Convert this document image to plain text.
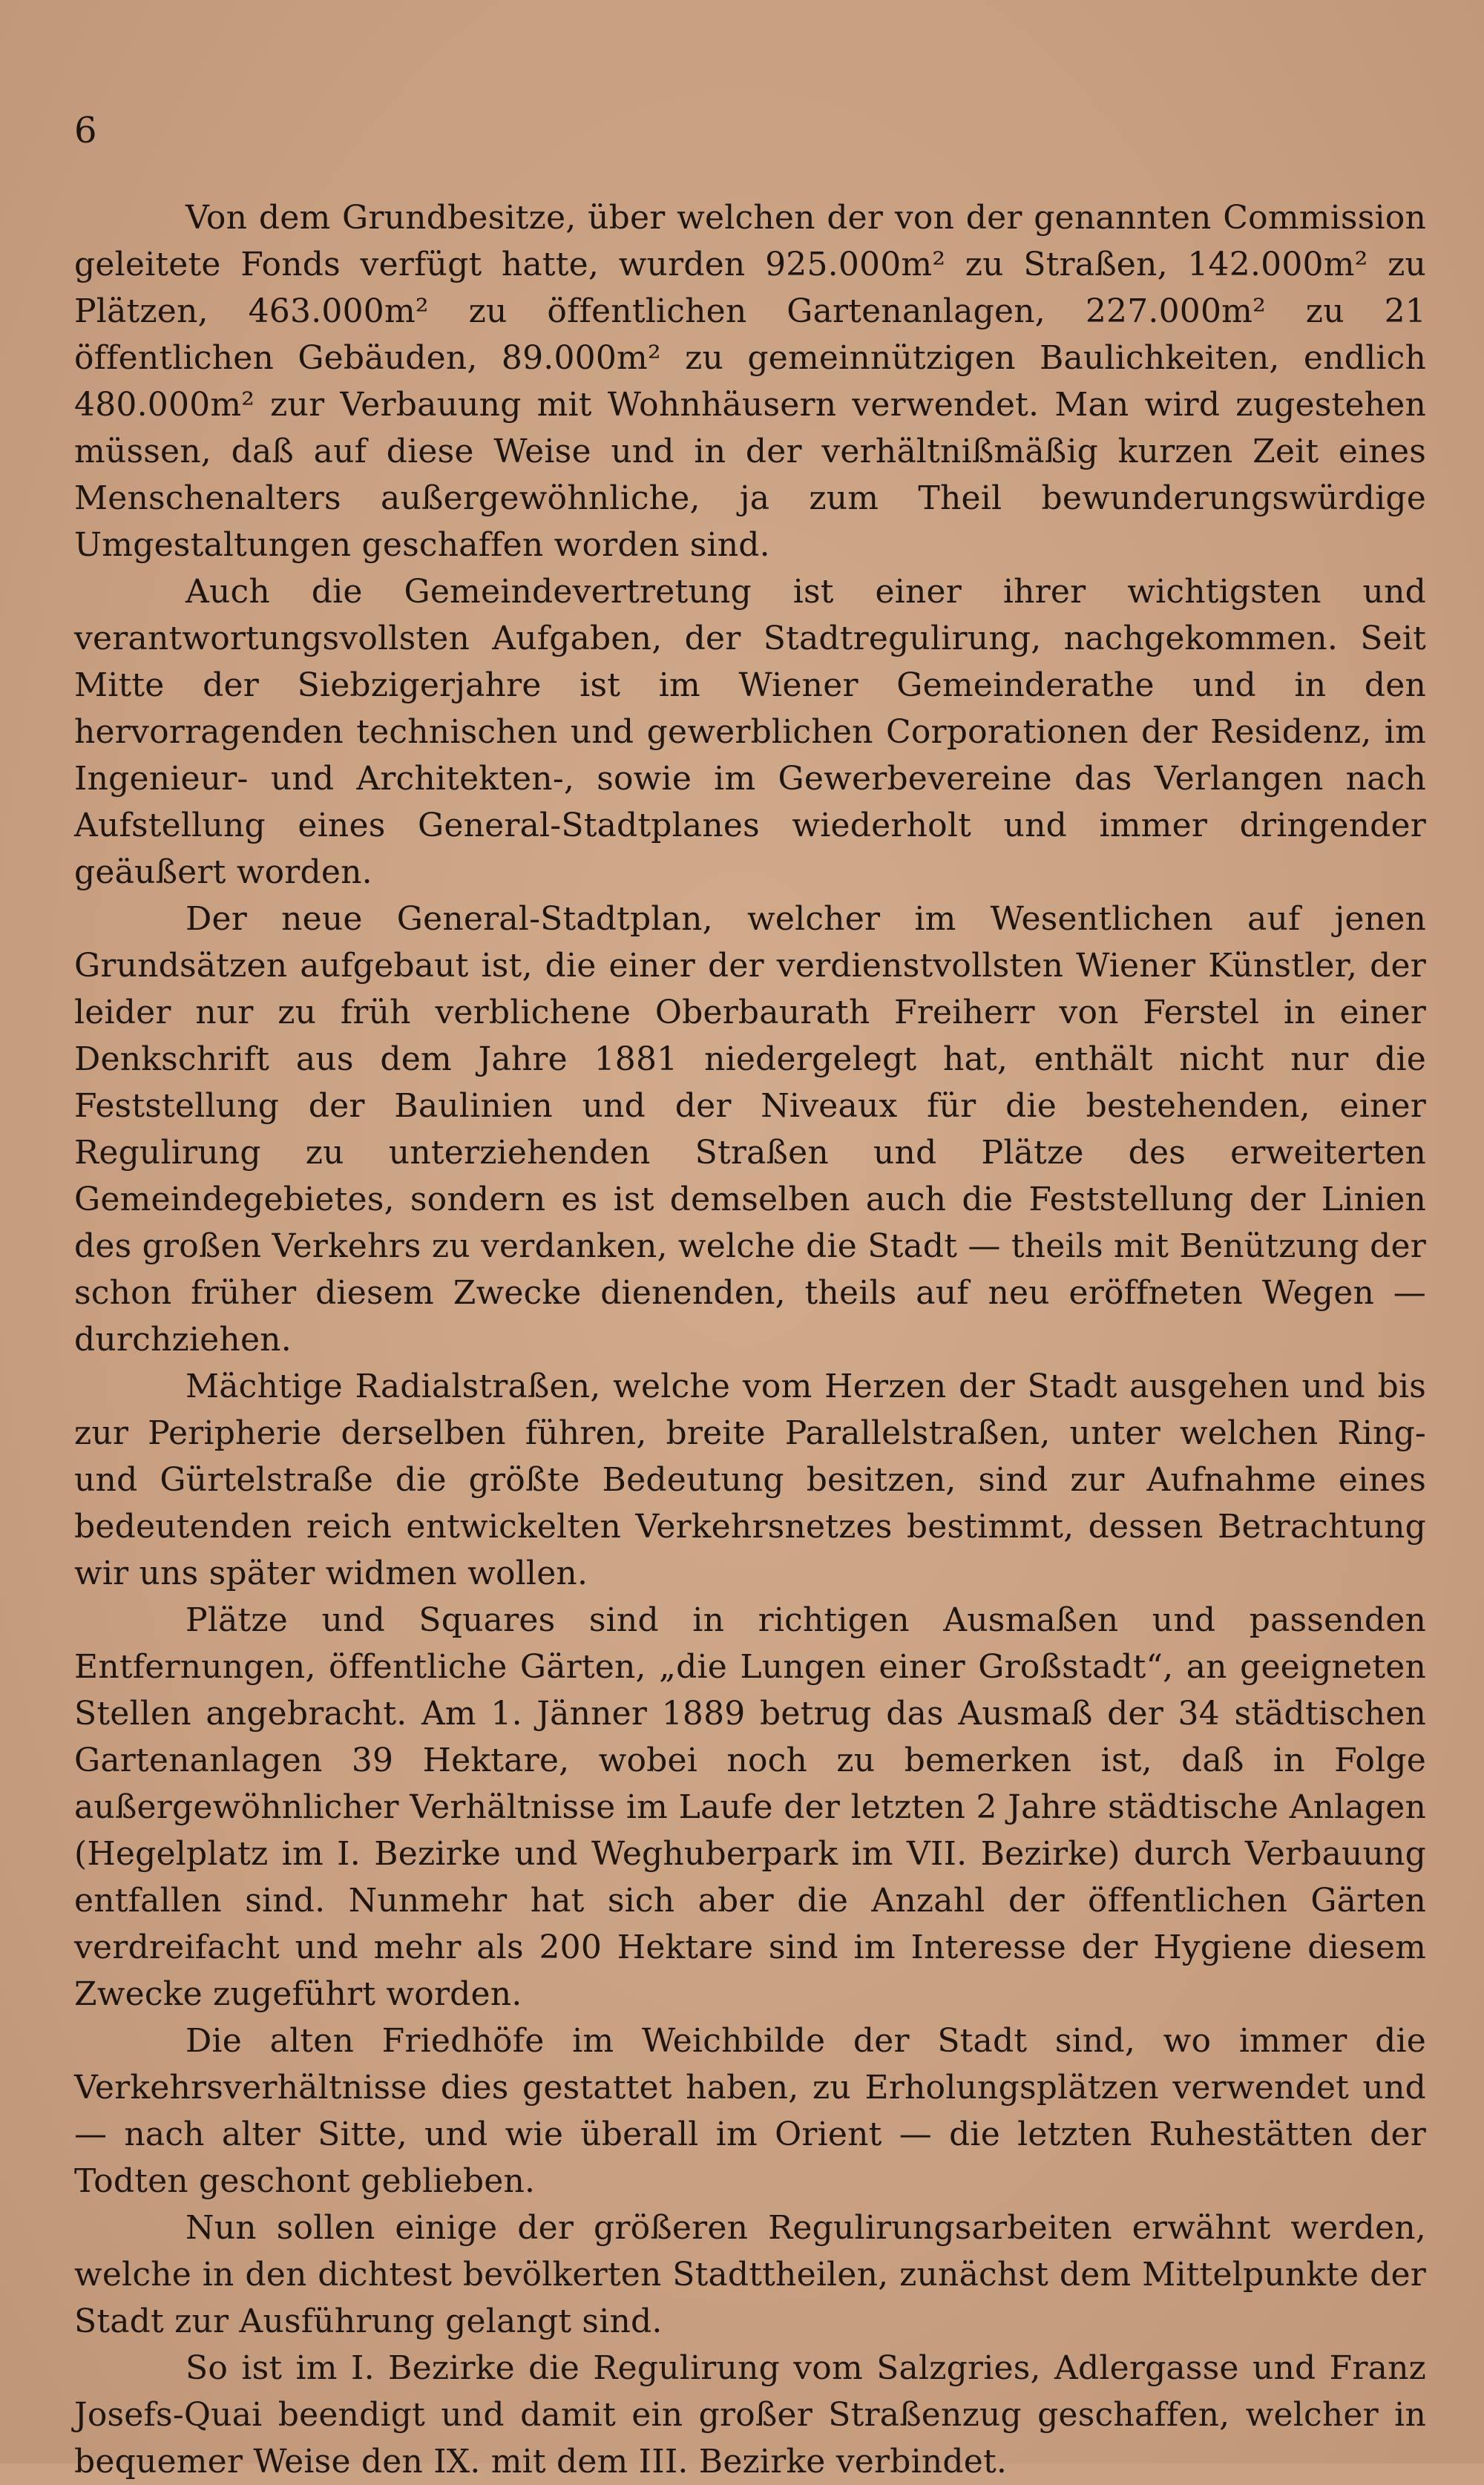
6

Von dem Grundbesitze, über welchen der von der genannten Commission geleitete Fonds verfügt hatte, wurden 925.000m² zu Straßen, 142.000m² zu Plätzen, 463.000m² zu öffentlichen Gartenanlagen, 227.000m² zu 21 öffentlichen Gebäuden, 89.000m² zu gemeinnützigen Baulichkeiten, endlich 480.000m² zur Verbauung mit Wohnhäusern verwendet. Man wird zugestehen müssen, daß auf diese Weise und in der verhältnißmäßig kurzen Zeit eines Menschenalters außergewöhnliche, ja zum Theil bewunderungswürdige Umgestaltungen geschaffen worden sind.

Auch die Gemeindevertretung ist einer ihrer wichtigsten und verantwortungsvollsten Aufgaben, der Stadtregulirung, nachgekommen. Seit Mitte der Siebzigerjahre ist im Wiener Gemeinderathe und in den hervorragenden technischen und gewerblichen Corporationen der Residenz, im Ingenieur- und Architekten-, sowie im Gewerbevereine das Verlangen nach Aufstellung eines General-Stadtplanes wiederholt und immer dringender geäußert worden.

Der neue General-Stadtplan, welcher im Wesentlichen auf jenen Grundsätzen aufgebaut ist, die einer der verdienstvollsten Wiener Künstler, der leider nur zu früh verblichene Oberbaurath Freiherr von Ferstel in einer Denkschrift aus dem Jahre 1881 niedergelegt hat, enthält nicht nur die Feststellung der Baulinien und der Niveaux für die bestehenden, einer Regulirung zu unterziehenden Straßen und Plätze des erweiterten Gemeindegebietes, sondern es ist demselben auch die Feststellung der Linien des großen Verkehrs zu verdanken, welche die Stadt — theils mit Benützung der schon früher diesem Zwecke dienenden, theils auf neu eröffneten Wegen — durchziehen.

Mächtige Radialstraßen, welche vom Herzen der Stadt ausgehen und bis zur Peripherie derselben führen, breite Parallelstraßen, unter welchen Ring- und Gürtelstraße die größte Bedeutung besitzen, sind zur Aufnahme eines bedeutenden reich entwickelten Verkehrsnetzes bestimmt, dessen Betrachtung wir uns später widmen wollen.

Plätze und Squares sind in richtigen Ausmaßen und passenden Entfernungen, öffentliche Gärten, „die Lungen einer Großstadt“, an geeigneten Stellen angebracht. Am 1. Jänner 1889 betrug das Ausmaß der 34 städtischen Gartenanlagen 39 Hektare, wobei noch zu bemerken ist, daß in Folge außergewöhnlicher Verhältnisse im Laufe der letzten 2 Jahre städtische Anlagen (Hegelplatz im I. Bezirke und Weghuberpark im VII. Bezirke) durch Verbauung entfallen sind. Nunmehr hat sich aber die Anzahl der öffentlichen Gärten verdreifacht und mehr als 200 Hektare sind im Interesse der Hygiene diesem Zwecke zugeführt worden.

Die alten Friedhöfe im Weichbilde der Stadt sind, wo immer die Verkehrsverhältnisse dies gestattet haben, zu Erholungsplätzen verwendet und — nach alter Sitte, und wie überall im Orient — die letzten Ruhestätten der Todten geschont geblieben.

Nun sollen einige der größeren Regulirungsarbeiten erwähnt werden, welche in den dichtest bevölkerten Stadttheilen, zunächst dem Mittelpunkte der Stadt zur Ausführung gelangt sind.

So ist im I. Bezirke die Regulirung vom Salzgries, Adlergasse und Franz Josefs-Quai beendigt und damit ein großer Straßenzug geschaffen, welcher in bequemer Weise den IX. mit dem III. Bezirke verbindet.
